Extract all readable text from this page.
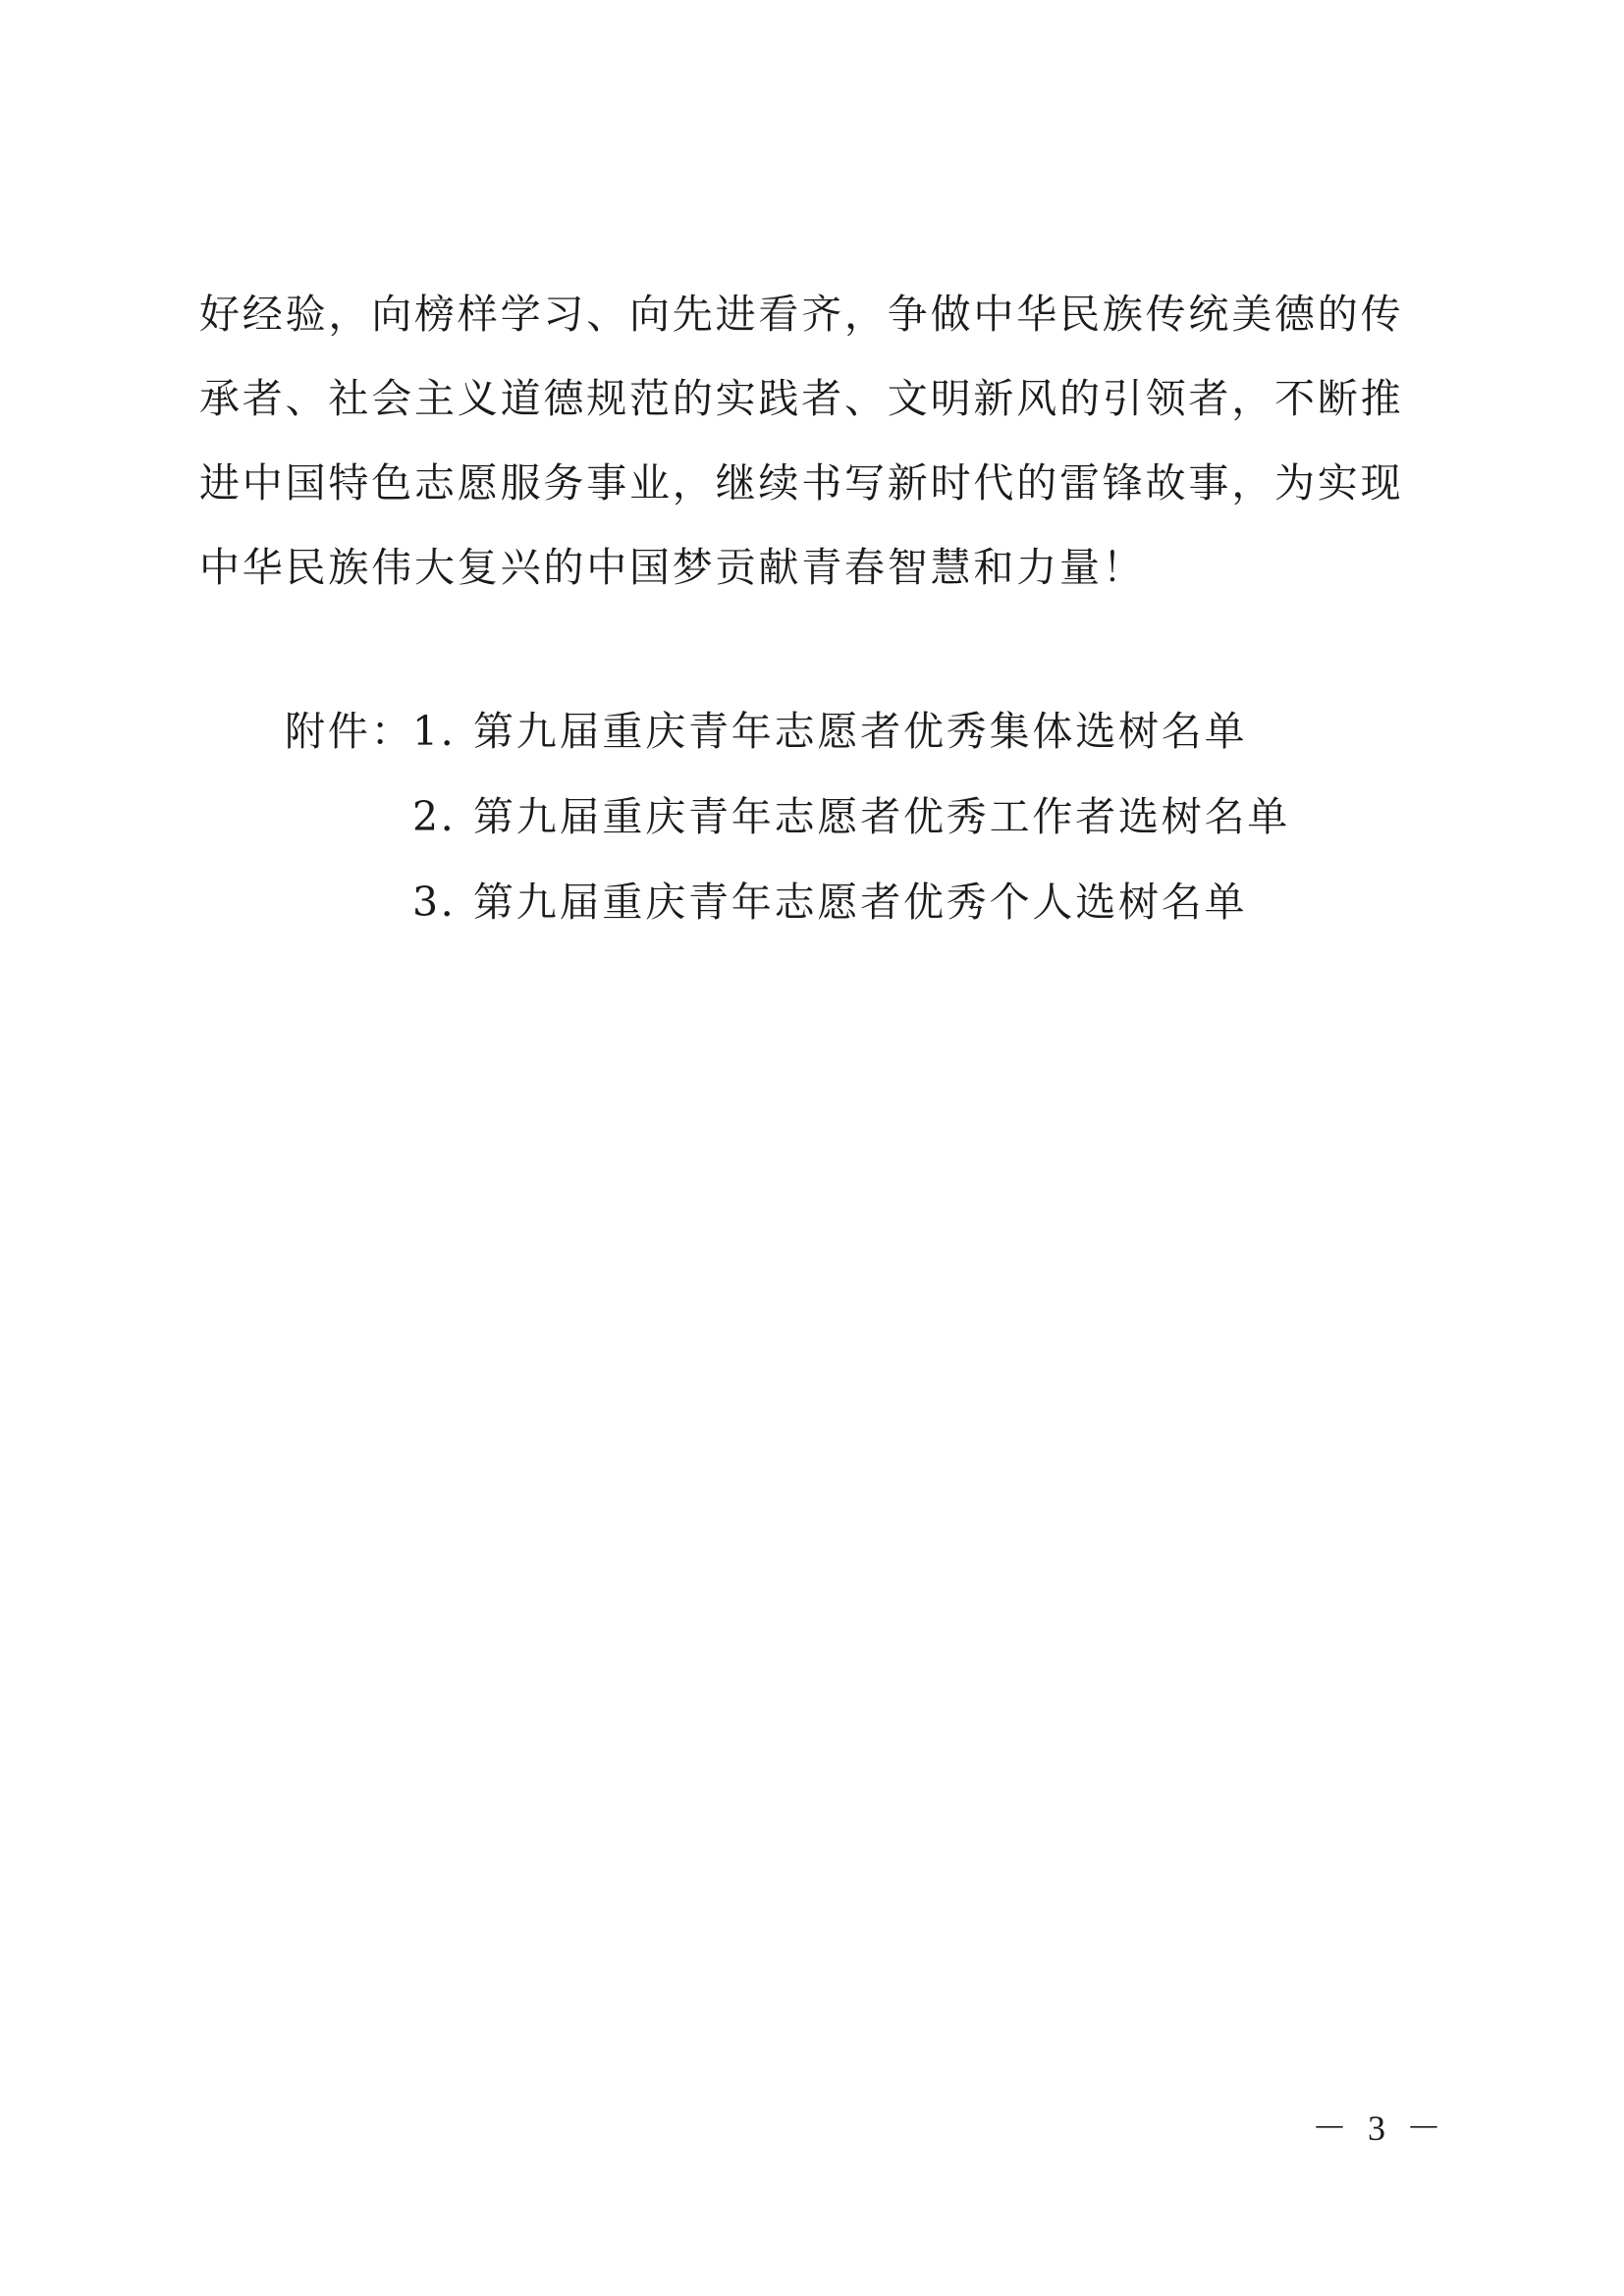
好经验，向榜样学习、向先进看齐，争做中华民族传统美德的传
承者、社会主义道德规范的实践者、文明新风的引领者，不断推
进中国特色志愿服务事业，继续书写新时代的雷锋故事，为实现
中华民族伟大复兴的中国梦贡献青春智慧和力量！
附件：
1．
第九届重庆青年志愿者优秀集体选树名单
2．
第九届重庆青年志愿者优秀工作者选树名单
3．
第九届重庆青年志愿者优秀个人选树名单
－ 3 －
